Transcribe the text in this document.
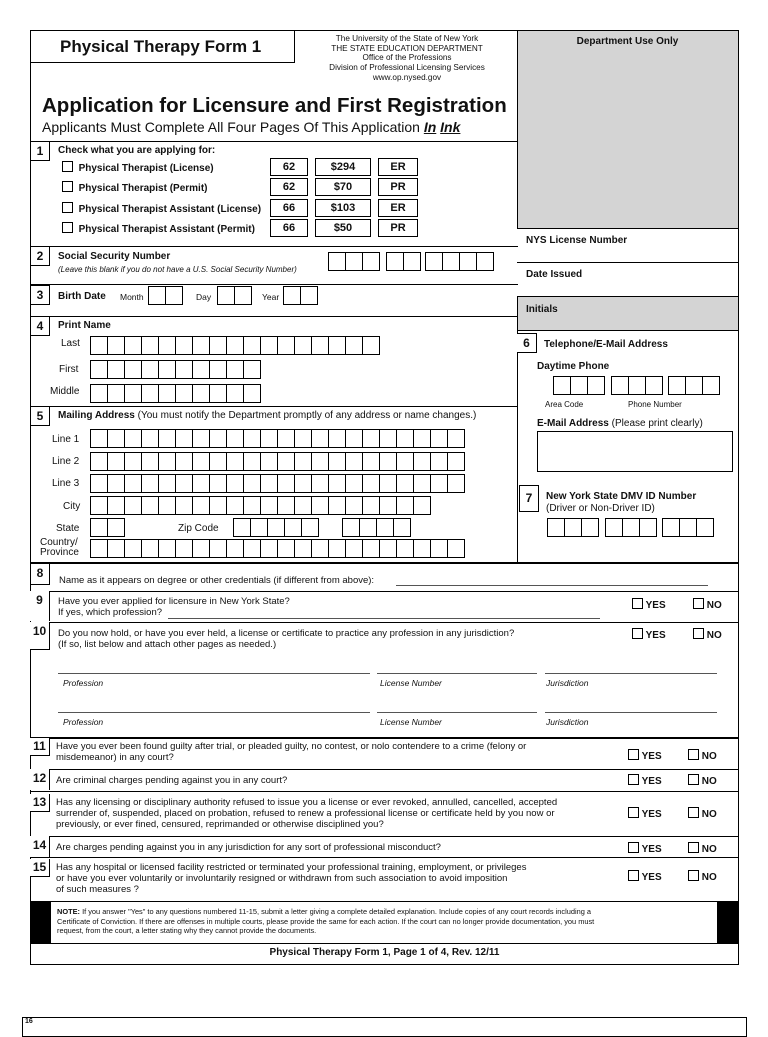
Physical Therapy Form 1	The University of the State of New York
THE STATE EDUCATION DEPARTMENT
Office of the Professions
Division of Professional Licensing Services
www.op.nysed.gov
Application for Licensure and First Registration
Applicants Must Complete All Four Pages Of This Application In Ink
Department Use Only
NYS License Number
Date Issued
Initials
1	Check what you are applying for:
Physical Therapist (License)	62	$294	ER
Physical Therapist (Permit)	62	$70	PR
Physical Therapist Assistant (License)	66	$103	ER
Physical Therapist Assistant (Permit)	66	$50	PR
2	Social Security Number
(Leave this blank if you do not have a U.S. Social Security Number)
3	Birth Date Month	Day	Year
4	Print Name
Last
First
Middle
5	Mailing Address (You must notify the Department promptly of any address or name changes.)
Line 1
Line 2
Line 3
City
State	Zip Code
Country/
Province
6	Telephone/E-Mail Address
Daytime Phone
Area Code	Phone Number
E-Mail Address (Please print clearly)
7	New York State DMV ID Number
(Driver or Non-Driver ID)
8
Name as it appears on degree or other credentials (if different from above):
9	Have you ever applied for licensure in New York State?
If yes, which profession?
YES	NO
10	Do you now hold, or have you ever held, a license or certificate to practice any profession in any jurisdiction?
(If so, list below and attach other pages as needed.)
YES	NO
Profession	License Number	Jurisdiction
Profession	License Number	Jurisdiction
11	Have you ever been found guilty after trial, or pleaded guilty, no contest, or nolo contendere to a crime (felony or
misdemeanor) in any court?	YES	NO
12	Are criminal charges pending against you in any court?	YES	NO
13	Has any licensing or disciplinary authority refused to issue you a license or ever revoked, annulled, cancelled, accepted
surrender of, suspended, placed on probation, refused to renew a professional license or certificate held by you now or
previously, or ever fined, censured, reprimanded or otherwise disciplined you?
YES	NO
14	Are charges pending against you in any jurisdiction for any sort of professional misconduct?	YES	NO
15	Has any hospital or licensed facility restricted or terminated your professional training, employment, or privileges
or have you ever voluntarily or involuntarily resigned or withdrawn from such association to avoid imposition
of such measures ?
YES	NO
NOTE: If you answer "Yes" to any questions numbered 11-15, submit a letter giving a complete detailed explanation. Include copies of any court records including a
Certificate of Conviction. If there are offenses in multiple courts, please provide the same for each action. If the court can no longer provide documentation, you must
request, from the court, a letter stating why they cannot provide the documents.
Physical Therapy Form 1, Page 1 of 4, Rev. 12/11
16
